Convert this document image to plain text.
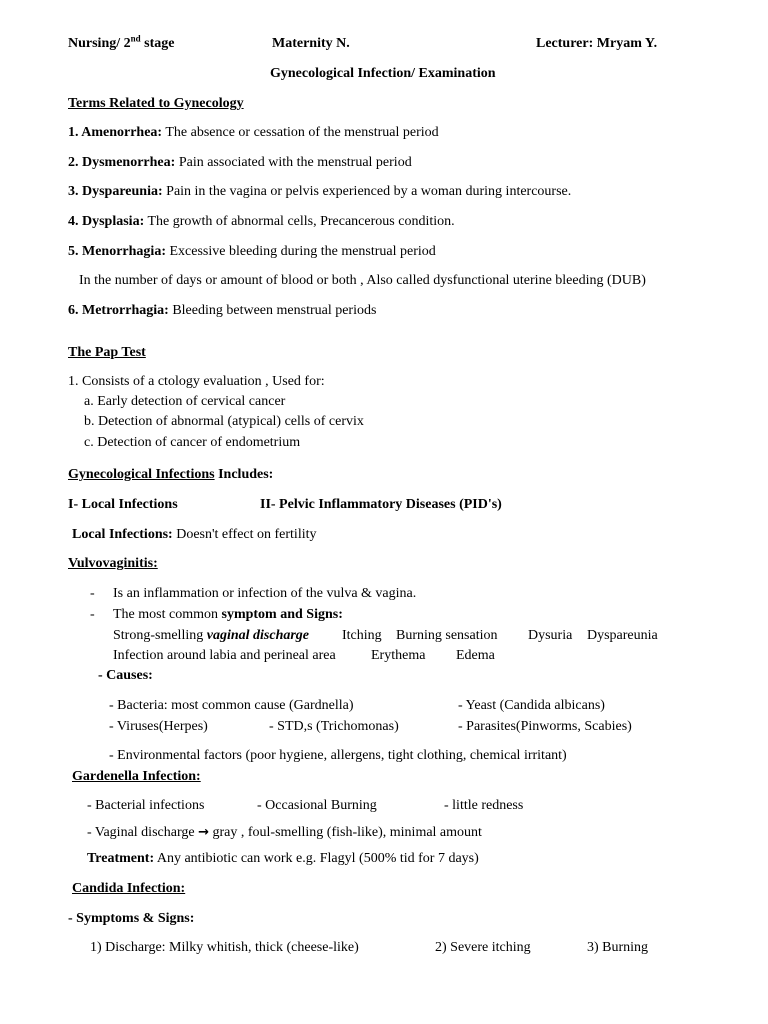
Nursing/ 2nd stage	Maternity N.	Lecturer: Mryam Y.
Gynecological Infection/ Examination
Terms Related to Gynecology
1. Amenorrhea: The absence or cessation of the menstrual period
2. Dysmenorrhea: Pain associated with the menstrual period
3. Dyspareunia: Pain in the vagina or pelvis experienced by a woman during intercourse.
4. Dysplasia: The growth of abnormal cells, Precancerous condition.
5. Menorrhagia: Excessive bleeding during the menstrual period
In the number of days or amount of blood or both , Also called dysfunctional uterine bleeding (DUB)
6. Metrorrhagia: Bleeding between menstrual periods
The Pap Test
1. Consists of a ctology evaluation , Used for:
a. Early detection of cervical cancer
b. Detection of abnormal (atypical) cells of cervix
c. Detection of cancer of endometrium
Gynecological Infections Includes:
I- Local Infections	II- Pelvic Inflammatory Diseases (PID's)
Local Infections: Doesn't effect on fertility
Vulvovaginitis:
- Is an inflammation or infection of the vulva & vagina.
- The most common symptom and Signs:
Strong-smelling vaginal discharge Itching Burning sensation Dysuria Dyspareunia
Infection around labia and perineal area	Erythema Edema
- Causes:
- Bacteria: most common cause (Gardnella)	- Yeast (Candida albicans)
- Viruses(Herpes)	- STD,s (Trichomonas)	- Parasites(Pinworms, Scabies)
- Environmental factors (poor hygiene, allergens, tight clothing, chemical irritant)
Gardenella Infection:
- Bacterial infections	- Occasional Burning	- little redness
- Vaginal discharge → gray , foul-smelling (fish-like), minimal amount
Treatment: Any antibiotic can work e.g. Flagyl (500% tid for 7 days)
Candida Infection:
- Symptoms & Signs:
1) Discharge: Milky whitish, thick (cheese-like)	2) Severe itching	3) Burning
